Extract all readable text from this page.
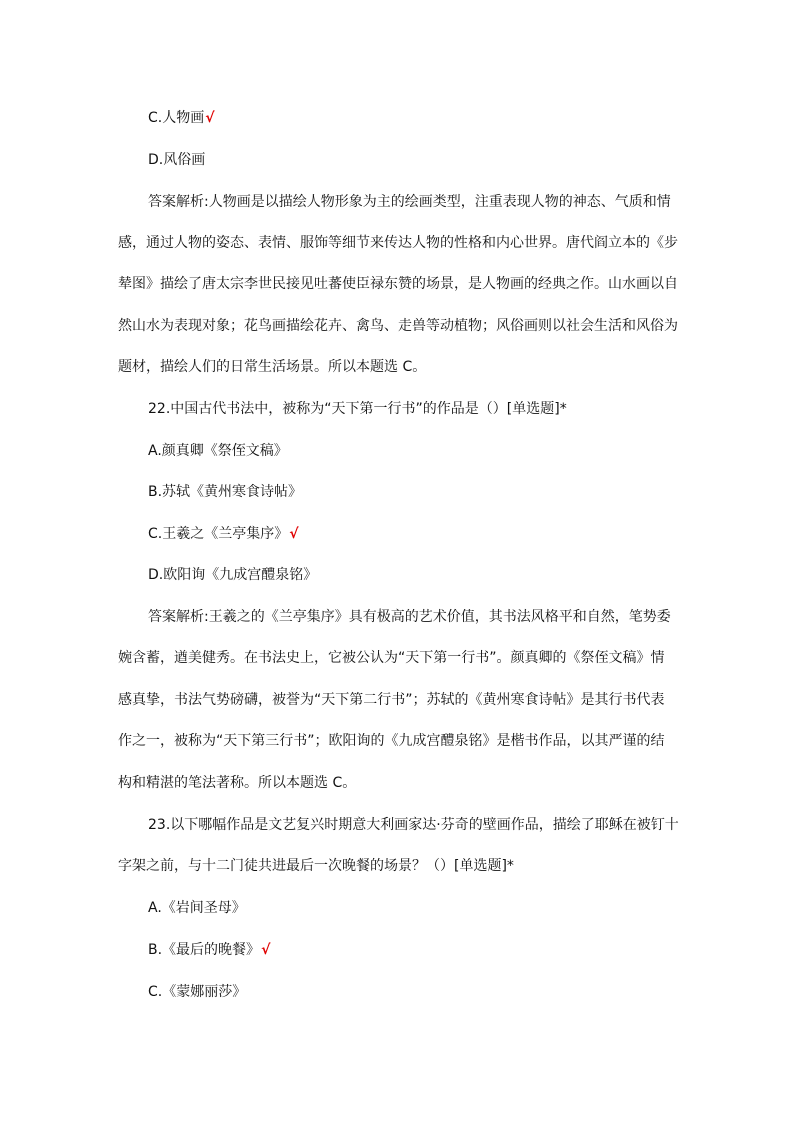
C.人物画√
D.风俗画
答案解析:人物画是以描绘人物形象为主的绘画类型，注重表现人物的神态、气质和情
感，通过人物的姿态、表情、服饰等细节来传达人物的性格和内心世界。唐代阎立本的《步
辇图》描绘了唐太宗李世民接见吐蕃使臣禄东赞的场景，是人物画的经典之作。山水画以自
然山水为表现对象；花鸟画描绘花卉、禽鸟、走兽等动植物；风俗画则以社会生活和风俗为
题材，描绘人们的日常生活场景。所以本题选 C。
22.中国古代书法中，被称为“天下第一行书”的作品是（）[单选题]*
A.颜真卿《祭侄文稿》
B.苏轼《黄州寒食诗帖》
C.王羲之《兰亭集序》√
D.欧阳询《九成宫醴泉铭》
答案解析:王羲之的《兰亭集序》具有极高的艺术价值，其书法风格平和自然，笔势委
婉含蓄，遒美健秀。在书法史上，它被公认为“天下第一行书”。颜真卿的《祭侄文稿》情
感真挚，书法气势磅礴，被誉为“天下第二行书”；苏轼的《黄州寒食诗帖》是其行书代表
作之一，被称为“天下第三行书”；欧阳询的《九成宫醴泉铭》是楷书作品，以其严谨的结
构和精湛的笔法著称。所以本题选 C。
23.以下哪幅作品是文艺复兴时期意大利画家达·芬奇的壁画作品，描绘了耶稣在被钉十
字架之前，与十二门徒共进最后一次晚餐的场景？（）[单选题]*
A.《岩间圣母》
B.《最后的晚餐》√
C.《蒙娜丽莎》
